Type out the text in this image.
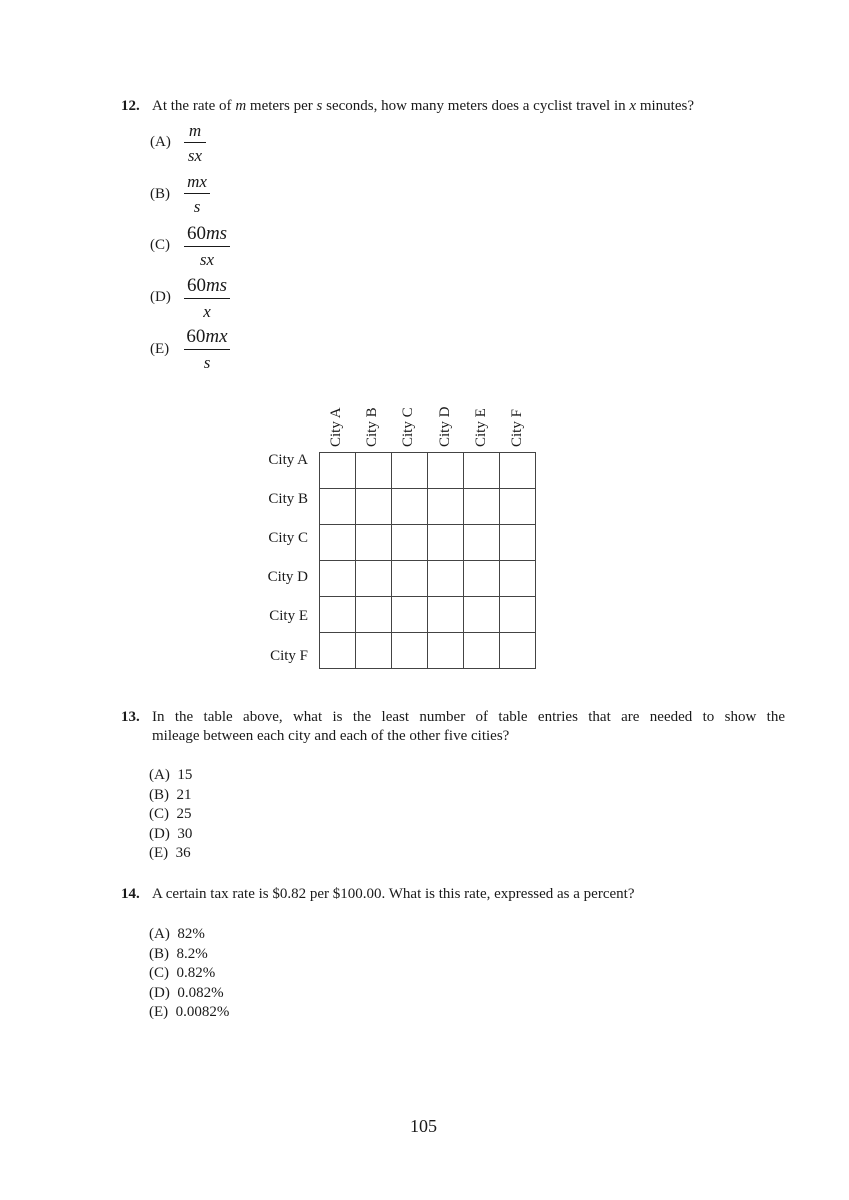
12. At the rate of m meters per s seconds, how many meters does a cyclist travel in x minutes?
(A)
m
sx
(B)
mx
s
(C)
60ms
sx
(D)
60ms
x
(E)
60mx
s
City A City B City C City D City E City F
City A
City B
City C
City D
City E
City F

13. In the table above, what is the least number of table entries that are needed to show the
mileage between each city and each of the other five cities?
(A) 15
(B) 21
(C) 25
(D) 30
(E) 36
14. A certain tax rate is $0.82 per $100.00. What is this rate, expressed as a percent?
(A) 82%
(B) 8.2%
(C) 0.82%
(D) 0.082%
(E) 0.0082%
105
